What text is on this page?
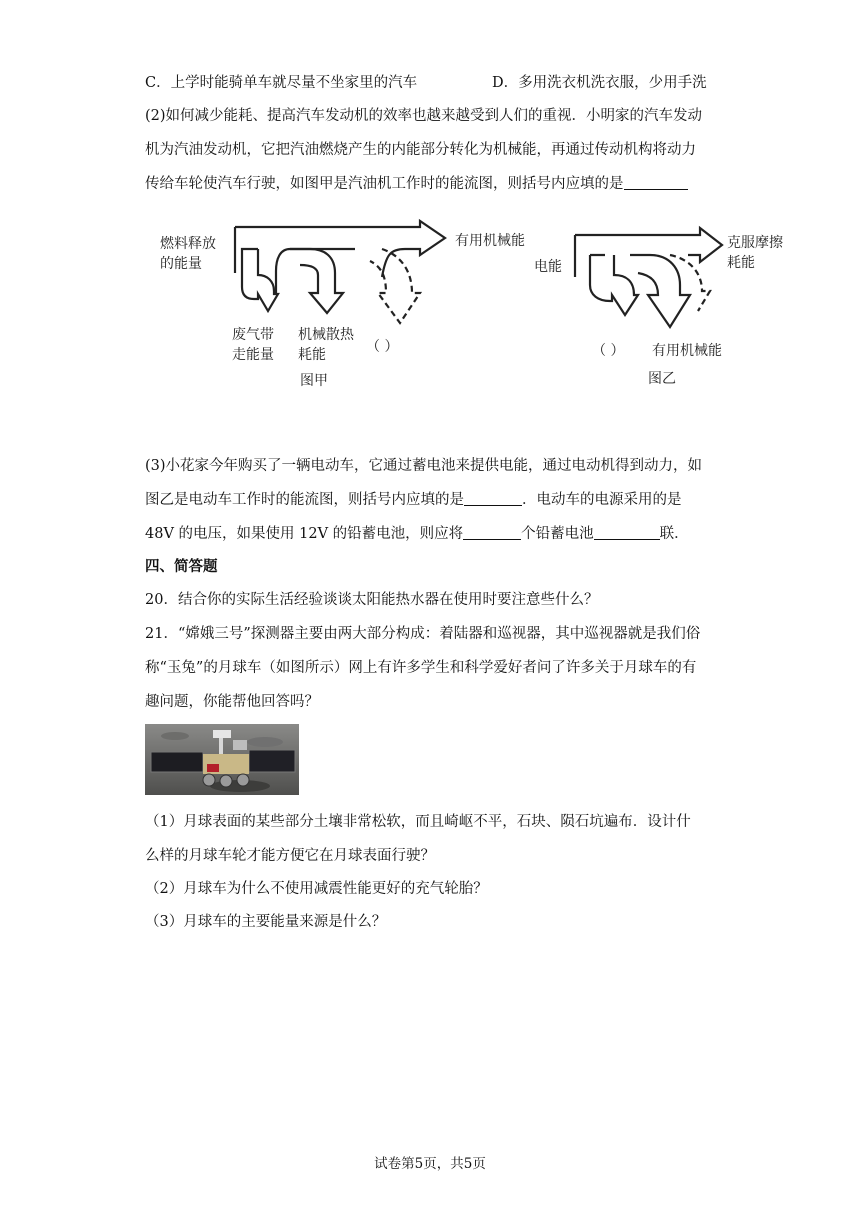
C．上学时能骑单车就尽量不坐家里的汽车	D．多用洗衣机洗衣服，少用手洗
(2)如何减少能耗、提高汽车发动机的效率也越来越受到人们的重视．小明家的汽车发动
机为汽油发动机，它把汽油燃烧产生的内能部分转化为机械能，再通过传动机构将动力
传给车轮使汽车行驶，如图甲是汽油机工作时的能流图，则括号内应填的是
燃料释放
的能量
有用机械能
废气带
走能量
机械散热
耗能	（ ）
图甲
电能
克服摩擦
耗能
（ ） 有用机械能
图乙
(3)小花家今年购买了一辆电动车，它通过蓄电池来提供电能，通过电动机得到动力，如
图乙是电动车工作时的能流图，则括号内应填的是	．电动车的电源采用的是
48V 的电压，如果使用 12V 的铅蓄电池，则应将	个铅蓄电池	联．
四、简答题
20．结合你的实际生活经验谈谈太阳能热水器在使用时要注意些什么？
21．“嫦娥三号”探测器主要由两大部分构成：着陆器和巡视器，其中巡视器就是我们俗
称“玉兔”的月球车（如图所示）网上有许多学生和科学爱好者问了许多关于月球车的有
趣问题，你能帮他回答吗？
（1）月球表面的某些部分土壤非常松软，而且崎岖不平，石块、陨石坑遍布．设计什
么样的月球车轮才能方便它在月球表面行驶？
（2）月球车为什么不使用减震性能更好的充气轮胎？
（3）月球车的主要能量来源是什么？
试卷第5页，共5页
